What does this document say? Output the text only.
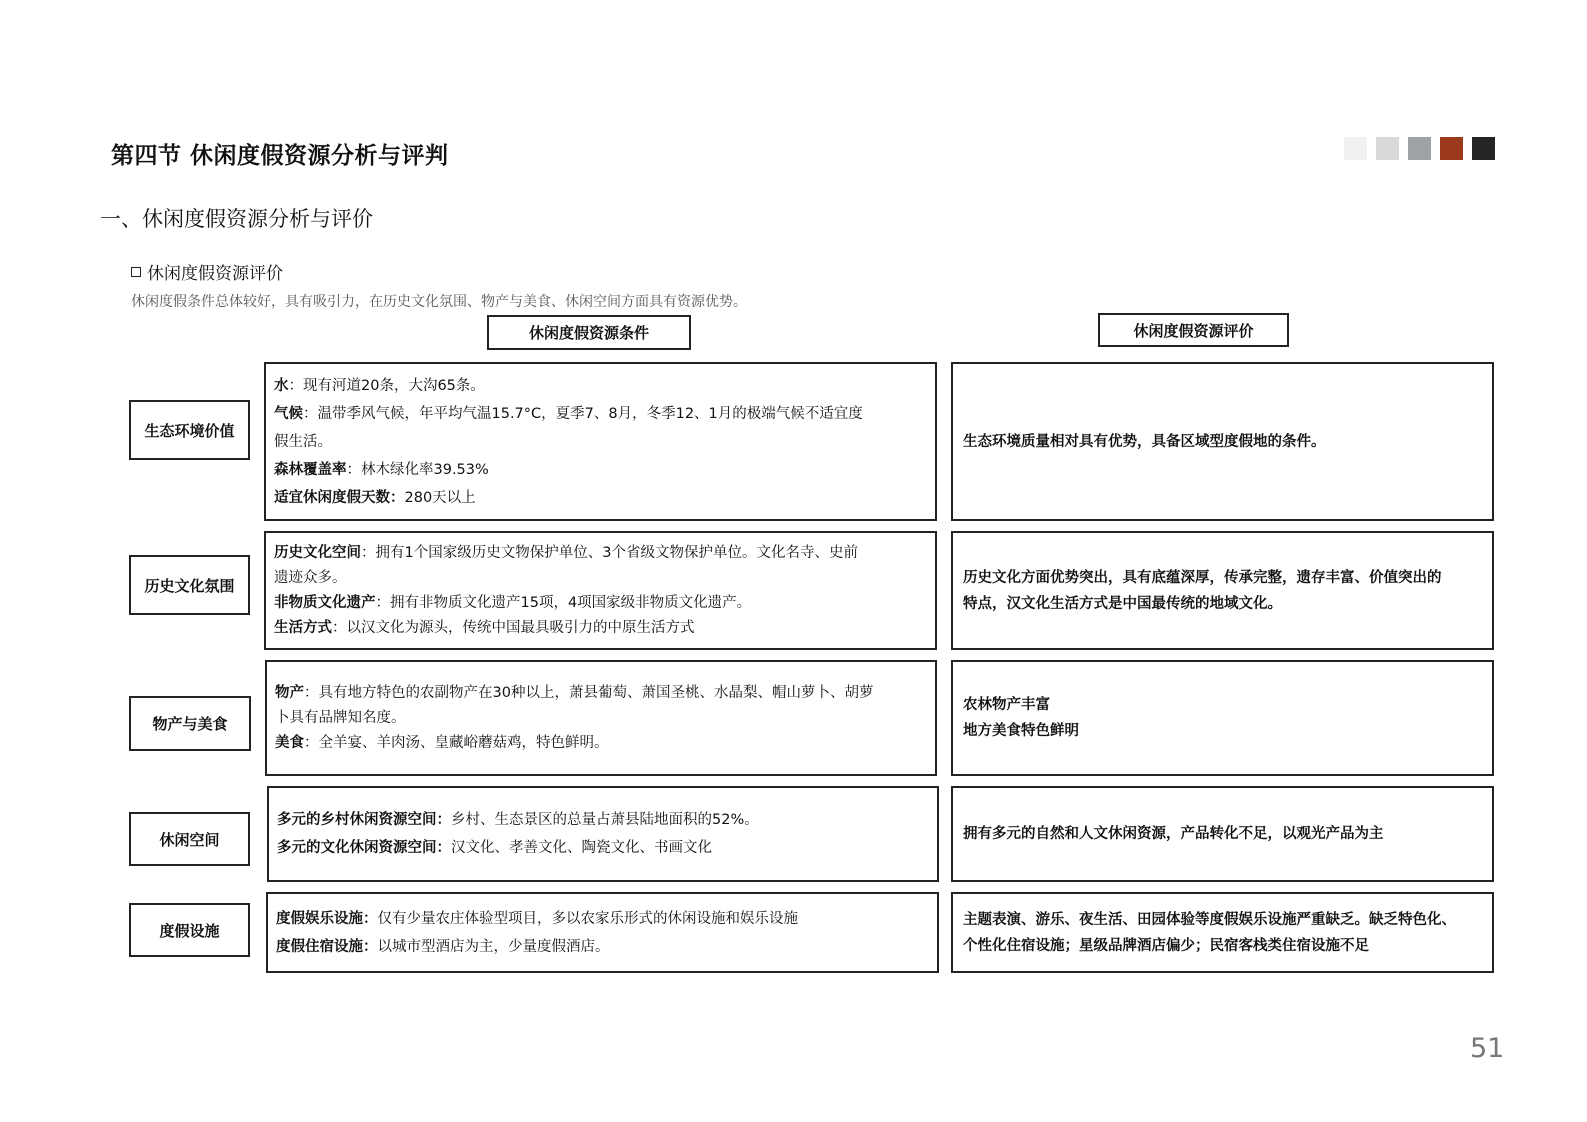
第四节 休闲度假资源分析与评判
一、休闲度假资源分析与评价
休闲度假资源评价
休闲度假条件总体较好，具有吸引力，在历史文化氛围、物产与美食、休闲空间方面具有资源优势。
休闲度假资源条件	休闲度假资源评价
生态环境价值
水：现有河道20条，大沟65条。
气候：温带季风气候，年平均气温15.7°C，夏季7、8月，冬季12、1月的极端气候不适宜度
假生活。
森林覆盖率：林木绿化率39.53%
适宜休闲度假天数：280天以上
生态环境质量相对具有优势，具备区域型度假地的条件。
历史文化氛围
历史文化空间：拥有1个国家级历史文物保护单位、3个省级文物保护单位。文化名寺、史前
遗迹众多。
非物质文化遗产：拥有非物质文化遗产15项，4项国家级非物质文化遗产。
生活方式：以汉文化为源头，传统中国最具吸引力的中原生活方式
历史文化方面优势突出，具有底蕴深厚，传承完整，遗存丰富、价值突出的
特点，汉文化生活方式是中国最传统的地域文化。
物产与美食
物产：具有地方特色的农副物产在30种以上，萧县葡萄、萧国圣桃、水晶梨、帽山萝卜、胡萝
卜具有品牌知名度。
美食：全羊宴、羊肉汤、皇藏峪蘑菇鸡，特色鲜明。
农林物产丰富
地方美食特色鲜明
休闲空间
多元的乡村休闲资源空间：乡村、生态景区的总量占萧县陆地面积的52%。
多元的文化休闲资源空间：汉文化、孝善文化、陶瓷文化、书画文化
拥有多元的自然和人文休闲资源，产品转化不足，以观光产品为主
度假设施
度假娱乐设施：仅有少量农庄体验型项目，多以农家乐形式的休闲设施和娱乐设施
度假住宿设施：以城市型酒店为主，少量度假酒店。
主题表演、游乐、夜生活、田园体验等度假娱乐设施严重缺乏。缺乏特色化、
个性化住宿设施；星级品牌酒店偏少；民宿客栈类住宿设施不足
51
